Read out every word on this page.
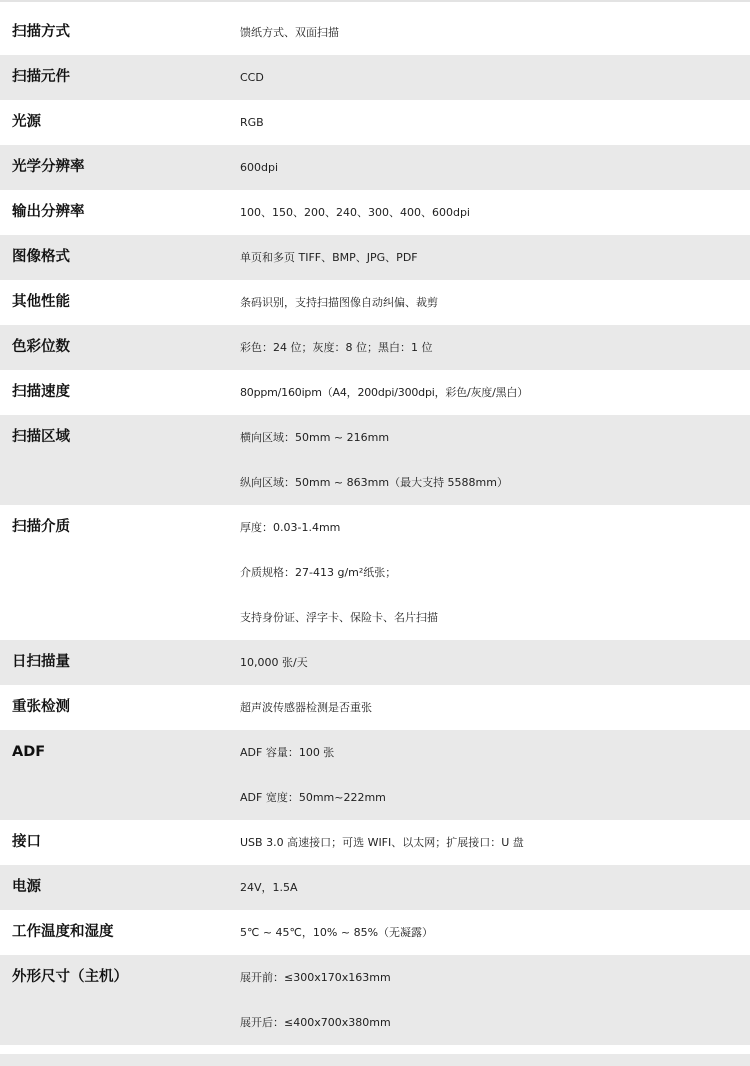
扫描方式	馈纸方式、双面扫描
扫描元件	CCD
光源	RGB
光学分辨率	600dpi
输出分辨率	100、150、200、240、300、400、600dpi
图像格式	单页和多页 TIFF、BMP、JPG、PDF
其他性能	条码识别，支持扫描图像自动纠偏、裁剪
色彩位数	彩色：24 位；灰度：8 位；黑白：1 位
扫描速度	80ppm/160ipm（A4，200dpi/300dpi，彩色/灰度/黑白）
扫描区域	横向区域：50mm ~ 216mm
纵向区域：50mm ~ 863mm（最大支持 5588mm）
扫描介质	厚度：0.03-1.4mm
介质规格：27-413 g/m²纸张；
支持身份证、浮字卡、保险卡、名片扫描
日扫描量	10,000 张/天
重张检测	超声波传感器检测是否重张
ADF	ADF 容量：100 张
ADF 宽度：50mm~222mm
接口	USB 3.0 高速接口；可选 WIFI、以太网；扩展接口：U 盘
电源	24V，1.5A
工作温度和湿度	5℃ ~ 45℃，10% ~ 85%（无凝露）
外形尺寸（主机）	展开前：≤300x170x163mm
展开后：≤400x700x380mm
